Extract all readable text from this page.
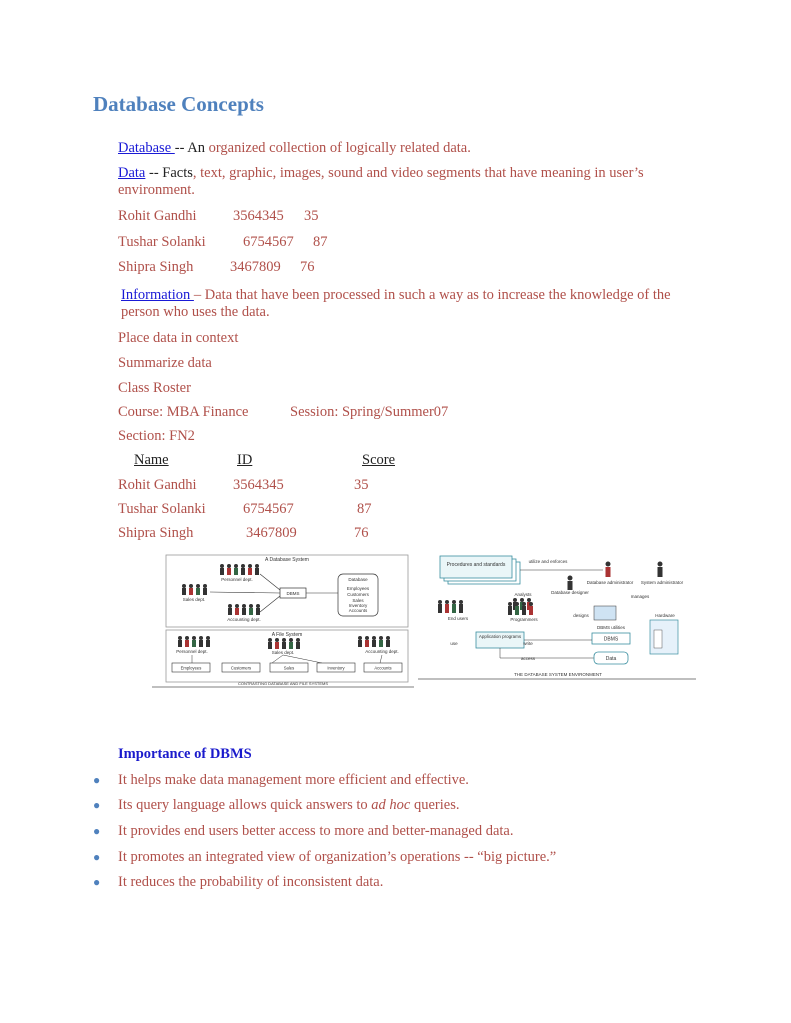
Database Concepts
Database -- An organized collection of logically related data.
Data -- Facts, text, graphic, images, sound and video segments that have meaning in user’s environment.
Rohit Gandhi	3564345 35
Tushar Solanki	6754567 87
Shipra Singh	3467809 76
Information – Data that have been processed in such a way as to increase the knowledge of the person who uses the data.
Place data in context
Summarize data
Class Roster
Course: MBA Finance	Session: Spring/Summer07
Section: FN2
Name	ID	Score
Rohit Gandhi	3564345	35
Tushar Solanki	6754567	87
Shipra Singh	3467809	76
A Database System
Personnel dept.
Sales dept.
Accounting dept.
DBMS
Database
Employees
Customers
Sales
Inventory
Accounts
A File System
Personnel dept.	Sales dept.	Accounting dept.
Employees	Customers	Sales	Inventory	Accounts
CONTRASTING DATABASE AND FILE SYSTEMS
Procedures and standards
utilize and enforces
Database administrator System administrator
Analysts	Database designer
manages
designs
End users	Programmers
Hardware
DBMS utilities
DBMS
Application programs
use	write
access	Data
THE DATABASE SYSTEM ENVIRONMENT
Importance of DBMS
● It helps make data management more efficient and effective.
● Its query language allows quick answers to ad hoc queries.
● It provides end users better access to more and better-managed data.
● It promotes an integrated view of organization’s operations -- “big picture.”
● It reduces the probability of inconsistent data.
